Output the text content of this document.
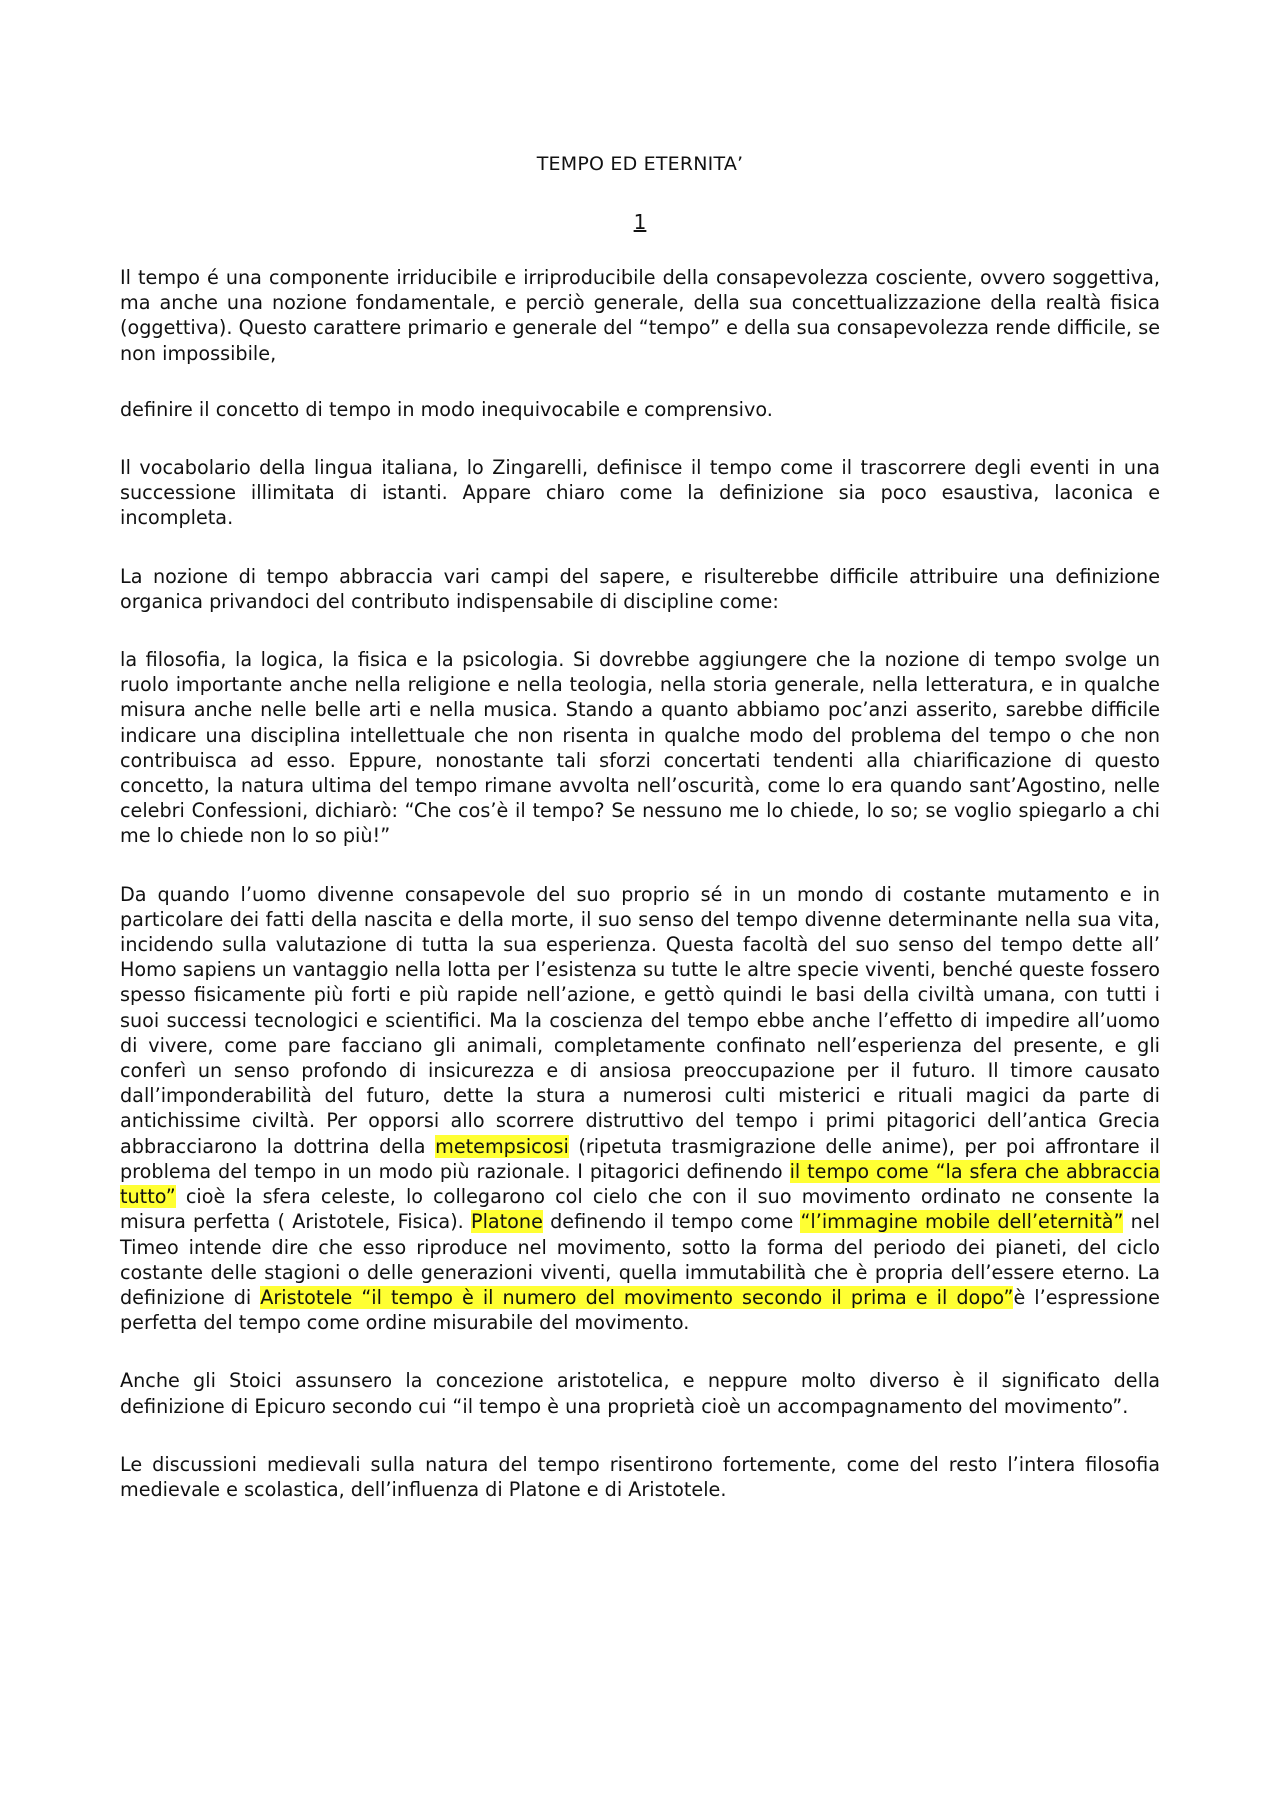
TEMPO ED ETERNITA’
1

Il tempo é una componente irriducibile e irriproducibile della consapevolezza cosciente, ovvero soggettiva, ma anche una nozione fondamentale, e perciò generale, della sua concettualizzazione della realtà fisica (oggettiva). Questo carattere primario e generale del “tempo” e della sua consapevolezza rende difficile, se non impossibile,

definire il concetto di tempo in modo inequivocabile e comprensivo.

Il vocabolario della lingua italiana, lo Zingarelli, definisce il tempo come il trascorrere degli eventi in una successione illimitata di istanti. Appare chiaro come la definizione sia poco esaustiva, laconica e incompleta.

La nozione di tempo abbraccia vari campi del sapere, e risulterebbe difficile attribuire una definizione organica privandoci del contributo indispensabile di discipline come:

la filosofia, la logica, la fisica e la psicologia. Si dovrebbe aggiungere che la nozione di tempo svolge un ruolo importante anche nella religione e nella teologia, nella storia generale, nella letteratura, e in qualche misura anche nelle belle arti e nella musica. Stando a quanto abbiamo poc’anzi asserito, sarebbe difficile indicare una disciplina intellettuale che non risenta in qualche modo del problema del tempo o che non contribuisca ad esso. Eppure, nonostante tali sforzi concertati tendenti alla chiarificazione di questo concetto, la natura ultima del tempo rimane avvolta nell’oscurità, come lo era quando sant’Agostino, nelle celebri Confessioni, dichiarò: “Che cos’è il tempo? Se nessuno me lo chiede, lo so; se voglio spiegarlo a chi me lo chiede non lo so più!”

Da quando l’uomo divenne consapevole del suo proprio sé in un mondo di costante mutamento e in particolare dei fatti della nascita e della morte, il suo senso del tempo divenne determinante nella sua vita, incidendo sulla valutazione di tutta la sua esperienza. Questa facoltà del suo senso del tempo dette all’ Homo sapiens un vantaggio nella lotta per l’esistenza su tutte le altre specie viventi, benché queste fossero spesso fisicamente più forti e più rapide nell’azione, e gettò quindi le basi della civiltà umana, con tutti i suoi successi tecnologici e scientifici. Ma la coscienza del tempo ebbe anche l’effetto di impedire all’uomo di vivere, come pare facciano gli animali, completamente confinato nell’esperienza del presente, e gli conferì un senso profondo di insicurezza e di ansiosa preoccupazione per il futuro. Il timore causato dall’imponderabilità del futuro, dette la stura a numerosi culti misterici e rituali magici da parte di antichissime civiltà. Per opporsi allo scorrere distruttivo del tempo i primi pitagorici dell’antica Grecia abbracciarono la dottrina della metempsicosi (ripetuta trasmigrazione delle anime), per poi affrontare il problema del tempo in un modo più razionale. I pitagorici definendo il tempo come “la sfera che abbraccia tutto” cioè la sfera celeste, lo collegarono col cielo che con il suo movimento ordinato ne consente la misura perfetta ( Aristotele, Fisica). Platone definendo il tempo come “l’immagine mobile dell’eternità” nel Timeo intende dire che esso riproduce nel movimento, sotto la forma del periodo dei pianeti, del ciclo costante delle stagioni o delle generazioni viventi, quella immutabilità che è propria dell’essere eterno. La definizione di Aristotele “il tempo è il numero del movimento secondo il prima e il dopo”è l’espressione perfetta del tempo come ordine misurabile del movimento.

Anche gli Stoici assunsero la concezione aristotelica, e neppure molto diverso è il significato della definizione di Epicuro secondo cui “il tempo è una proprietà cioè un accompagnamento del movimento”.

Le discussioni medievali sulla natura del tempo risentirono fortemente, come del resto l’intera filosofia medievale e scolastica, dell’influenza di Platone e di Aristotele.
